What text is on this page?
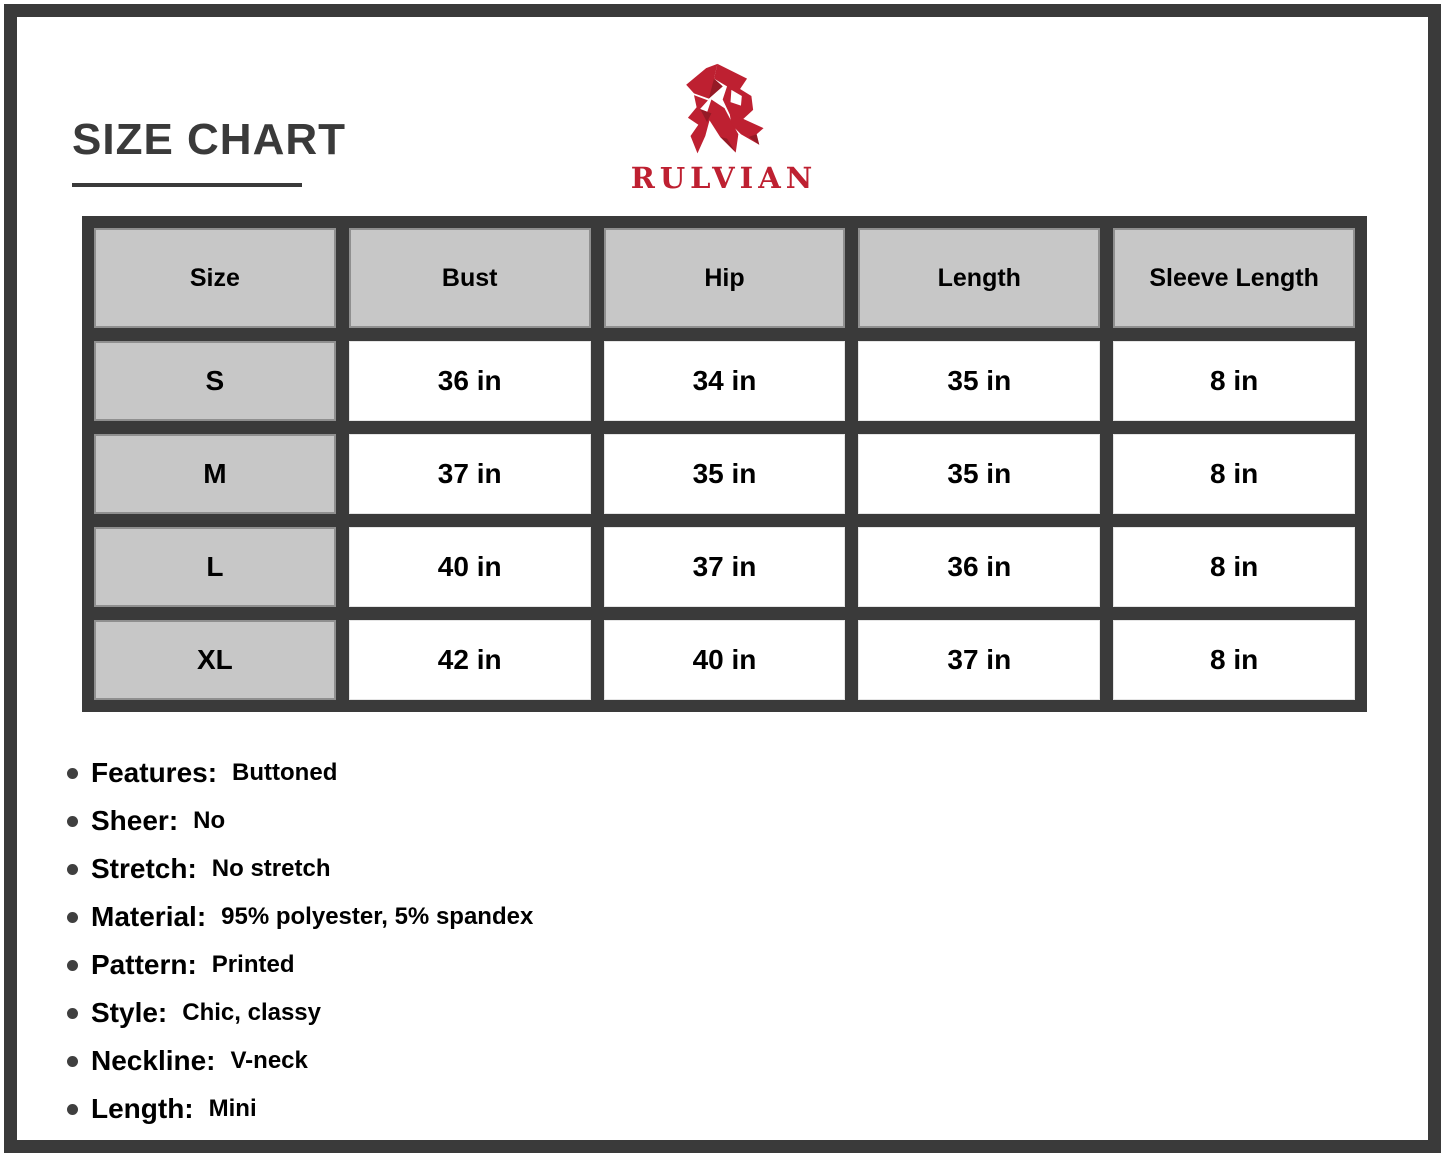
SIZE CHART
RULVIAN
Size	Bust	Hip	Length	Sleeve Length
S	36 in	34 in	35 in	8 in
M	37 in	35 in	35 in	8 in
L	40 in	37 in	36 in	8 in
XL	42 in	40 in	37 in	8 in
Features: Buttoned
Sheer: No
Stretch: No stretch
Material: 95% polyester, 5% spandex
Pattern: Printed
Style: Chic, classy
Neckline: V-neck
Length: Mini
